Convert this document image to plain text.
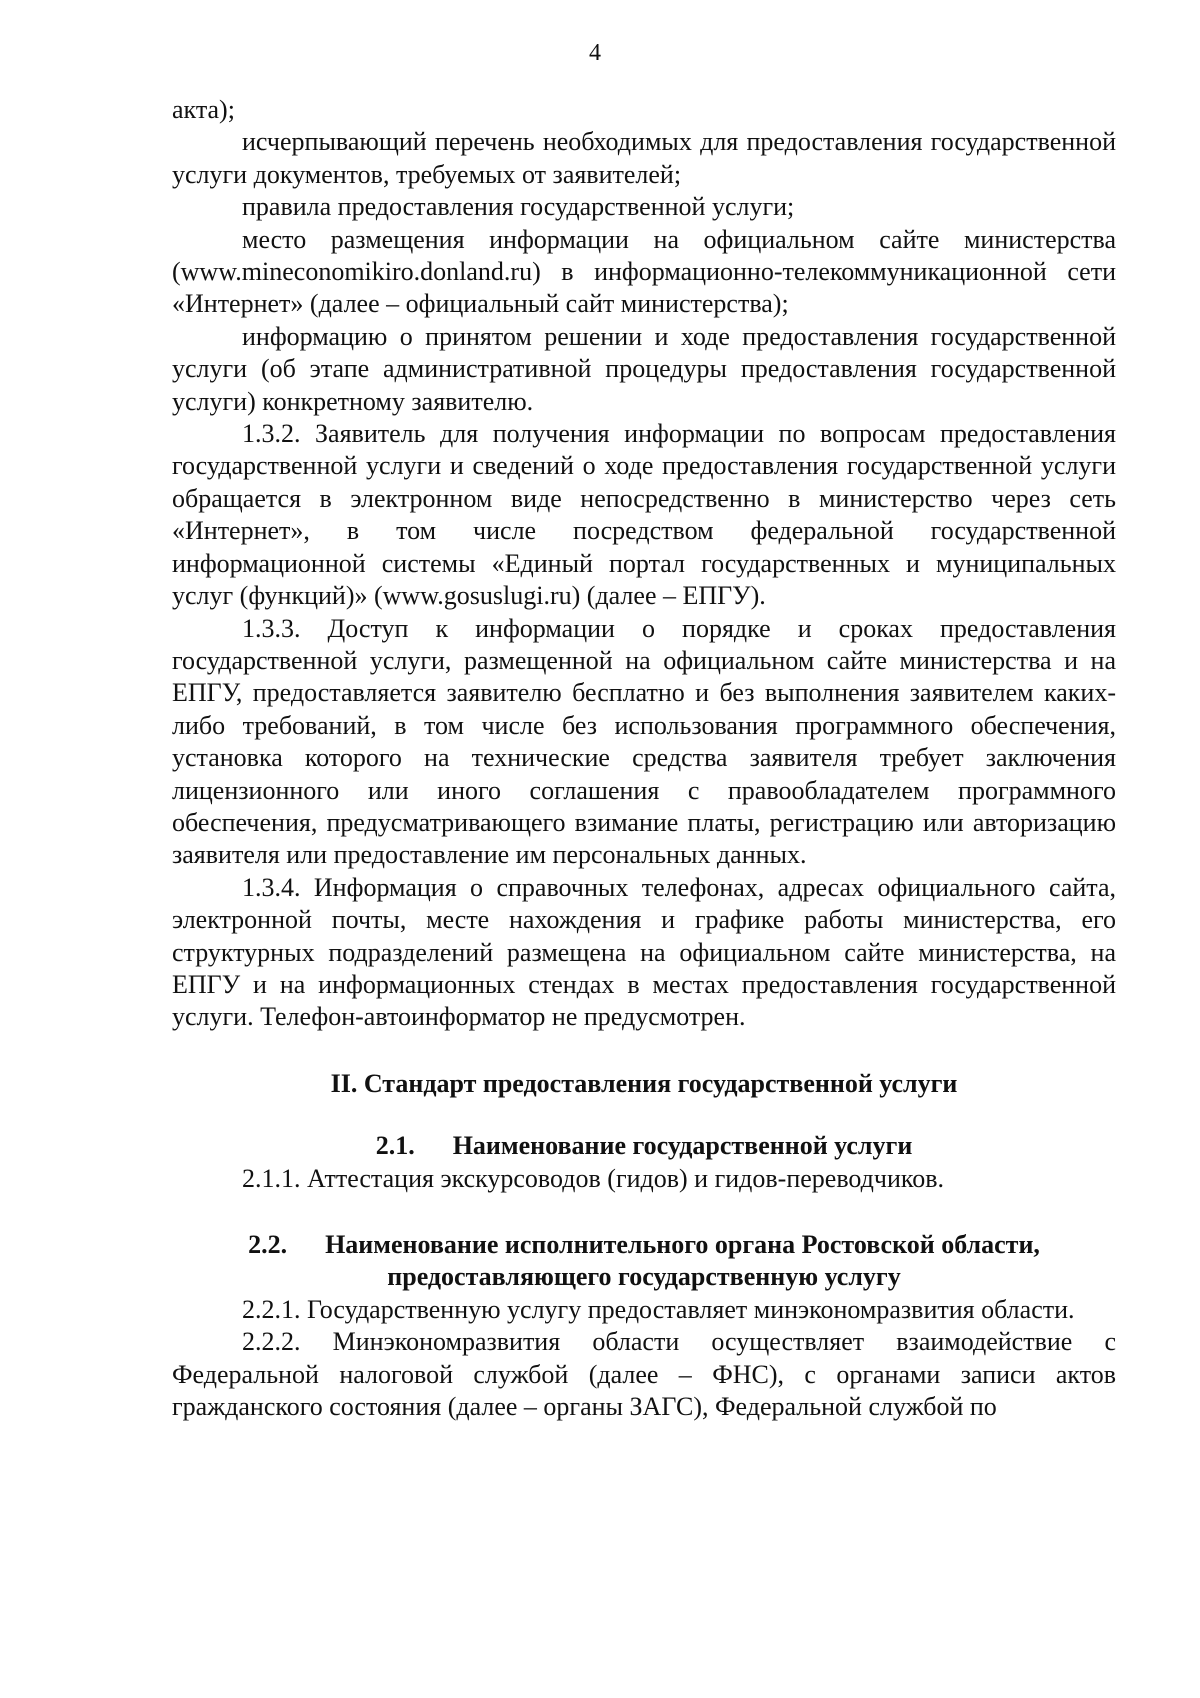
4

акта);

исчерпывающий перечень необходимых для предоставления государственной услуги документов, требуемых от заявителей;

правила предоставления государственной услуги;

место размещения информации на официальном сайте министерства (www.mineconomikiro.donland.ru) в информационно-телекоммуникационной сети «Интернет» (далее – официальный сайт министерства);

информацию о принятом решении и ходе предоставления государственной услуги (об этапе административной процедуры предоставления государственной услуги) конкретному заявителю.

1.3.2. Заявитель для получения информации по вопросам предоставления государственной услуги и сведений о ходе предоставления государственной услуги обращается в электронном виде непосредственно в министерство через сеть «Интернет», в том числе посредством федеральной государственной информационной системы «Единый портал государственных и муниципальных услуг (функций)» (www.gosuslugi.ru) (далее – ЕПГУ).

1.3.3. Доступ к информации о порядке и сроках предоставления государственной услуги, размещенной на официальном сайте министерства и на ЕПГУ, предоставляется заявителю бесплатно и без выполнения заявителем каких-либо требований, в том числе без использования программного обеспечения, установка которого на технические средства заявителя требует заключения лицензионного или иного соглашения с правообладателем программного обеспечения, предусматривающего взимание платы, регистрацию или авторизацию заявителя или предоставление им персональных данных.

1.3.4. Информация о справочных телефонах, адресах официального сайта, электронной почты, месте нахождения и графике работы министерства, его структурных подразделений размещена на официальном сайте министерства, на ЕПГУ и на информационных стендах в местах предоставления государственной услуги. Телефон-автоинформатор не предусмотрен.

II. Стандарт предоставления государственной услуги
2.1. Наименование государственной услуги

2.1.1. Аттестация экскурсоводов (гидов) и гидов-переводчиков.

2.2. Наименование исполнительного органа Ростовской области,
предоставляющего государственную услугу

2.2.1. Государственную услугу предоставляет минэкономразвития области.

2.2.2. Минэкономразвития области осуществляет взаимодействие с Федеральной налоговой службой (далее – ФНС), с органами записи актов гражданского состояния (далее – органы ЗАГС), Федеральной службой по
